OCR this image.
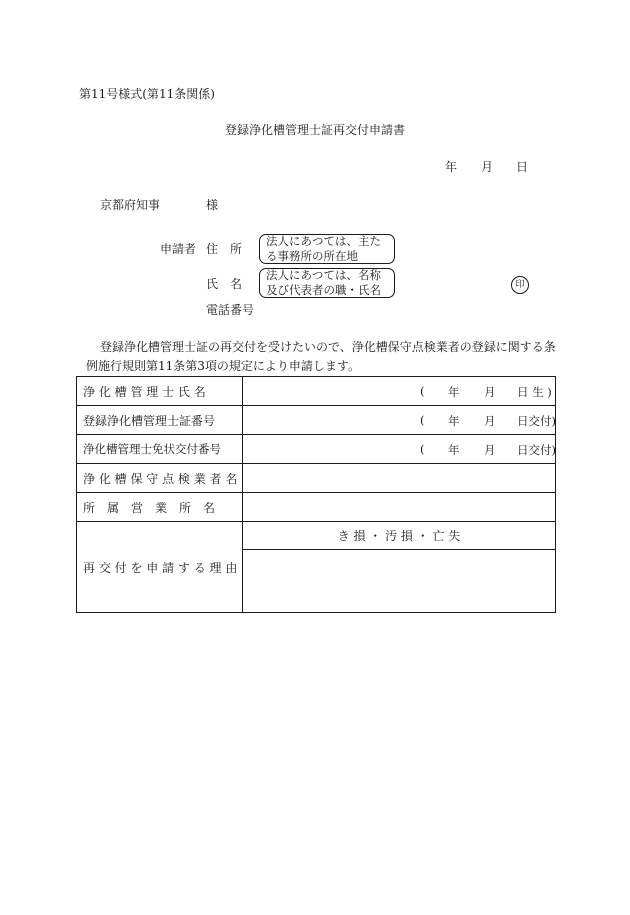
第11号様式(第11条関係)
登録浄化槽管理士証再交付申請書
年 月 日
京都府知事	様
申請者 住　所
法人にあつては、主た
る事務所の所在地
氏　名
法人にあつては、名称
及び代表者の職・氏名	印
電話番号

登録浄化槽管理士証の再交付を受けたいので、浄化槽保守点検業者の登録に関する条

例施行規則第11条第3項の規定により申請します。

浄 化 槽 管 理 士 氏 名	( 年 月 日 生 )

登録浄化槽管理士証番号	( 年 月 日交付)

浄化槽管理士免状交付番号	( 年 月 日交付)

浄 化 槽 保 守 点 検 業 者 名	
所　属　営　業　所　名	
再 交 付 を 申 請 す る 理 由	き 損 ・ 汚 損 ・ 亡 失
